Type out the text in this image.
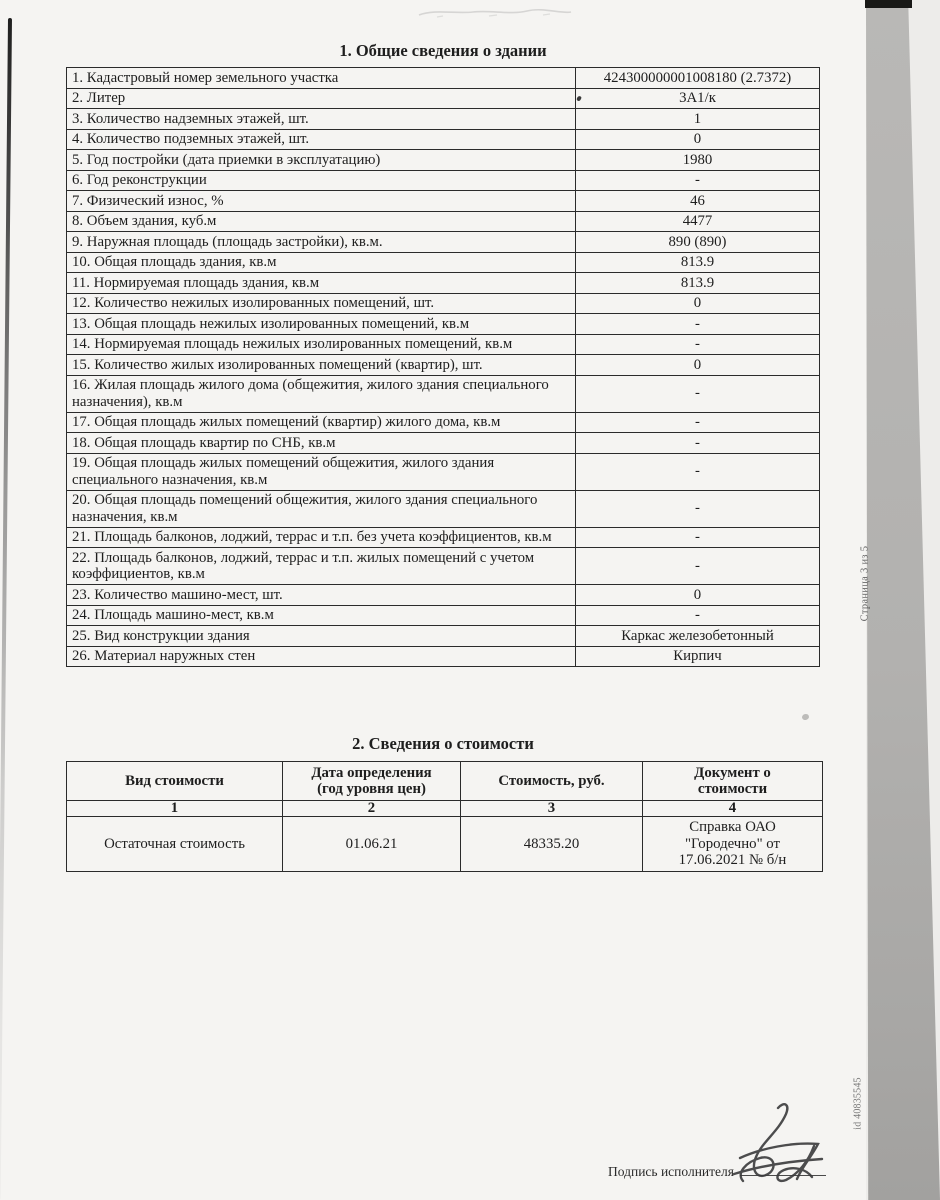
1. Общие сведения о здании
1. Кадастровый номер земельного участка	424300000001008180 (2.7372)
2. Литер	3А1/к
3. Количество надземных этажей, шт.	1
4. Количество подземных этажей, шт.	0
5. Год постройки (дата приемки в эксплуатацию)	1980
6. Год реконструкции	-
7. Физический износ, %	46
8. Объем здания, куб.м	4477
9. Наружная площадь (площадь застройки), кв.м.	890 (890)
10. Общая площадь здания, кв.м	813.9
11. Нормируемая площадь здания, кв.м	813.9
12. Количество нежилых изолированных помещений, шт.	0
13. Общая площадь нежилых изолированных помещений, кв.м	-
14. Нормируемая площадь нежилых изолированных помещений, кв.м	-
15. Количество жилых изолированных помещений (квартир), шт.	0
16. Жилая площадь жилого дома (общежития, жилого здания специального назначения), кв.м	-
17. Общая площадь жилых помещений (квартир) жилого дома, кв.м	-
18. Общая площадь квартир по СНБ, кв.м	-
19. Общая площадь жилых помещений общежития, жилого здания специального назначения, кв.м	-
20. Общая площадь помещений общежития, жилого здания специального назначения, кв.м	-
21. Площадь балконов, лоджий, террас и т.п. без учета коэффициентов, кв.м	-
22. Площадь балконов, лоджий, террас и т.п. жилых помещений с учетом коэффициентов, кв.м	-
23. Количество машино-мест, шт.	0
24. Площадь машино-мест, кв.м	-
25. Вид конструкции здания	Каркас железобетонный
26. Материал наружных стен	Кирпич
2. Сведения о стоимости
Вид стоимости	Дата определения (год уровня цен)	Стоимость, руб.	Документ о стоимости
1	2	3	4
Остаточная стоимость	01.06.21	48335.20	Справка ОАО "Городечно" от 17.06.2021 № б/н
Страница 3 из 5
id 40835545
Подпись исполнителя
